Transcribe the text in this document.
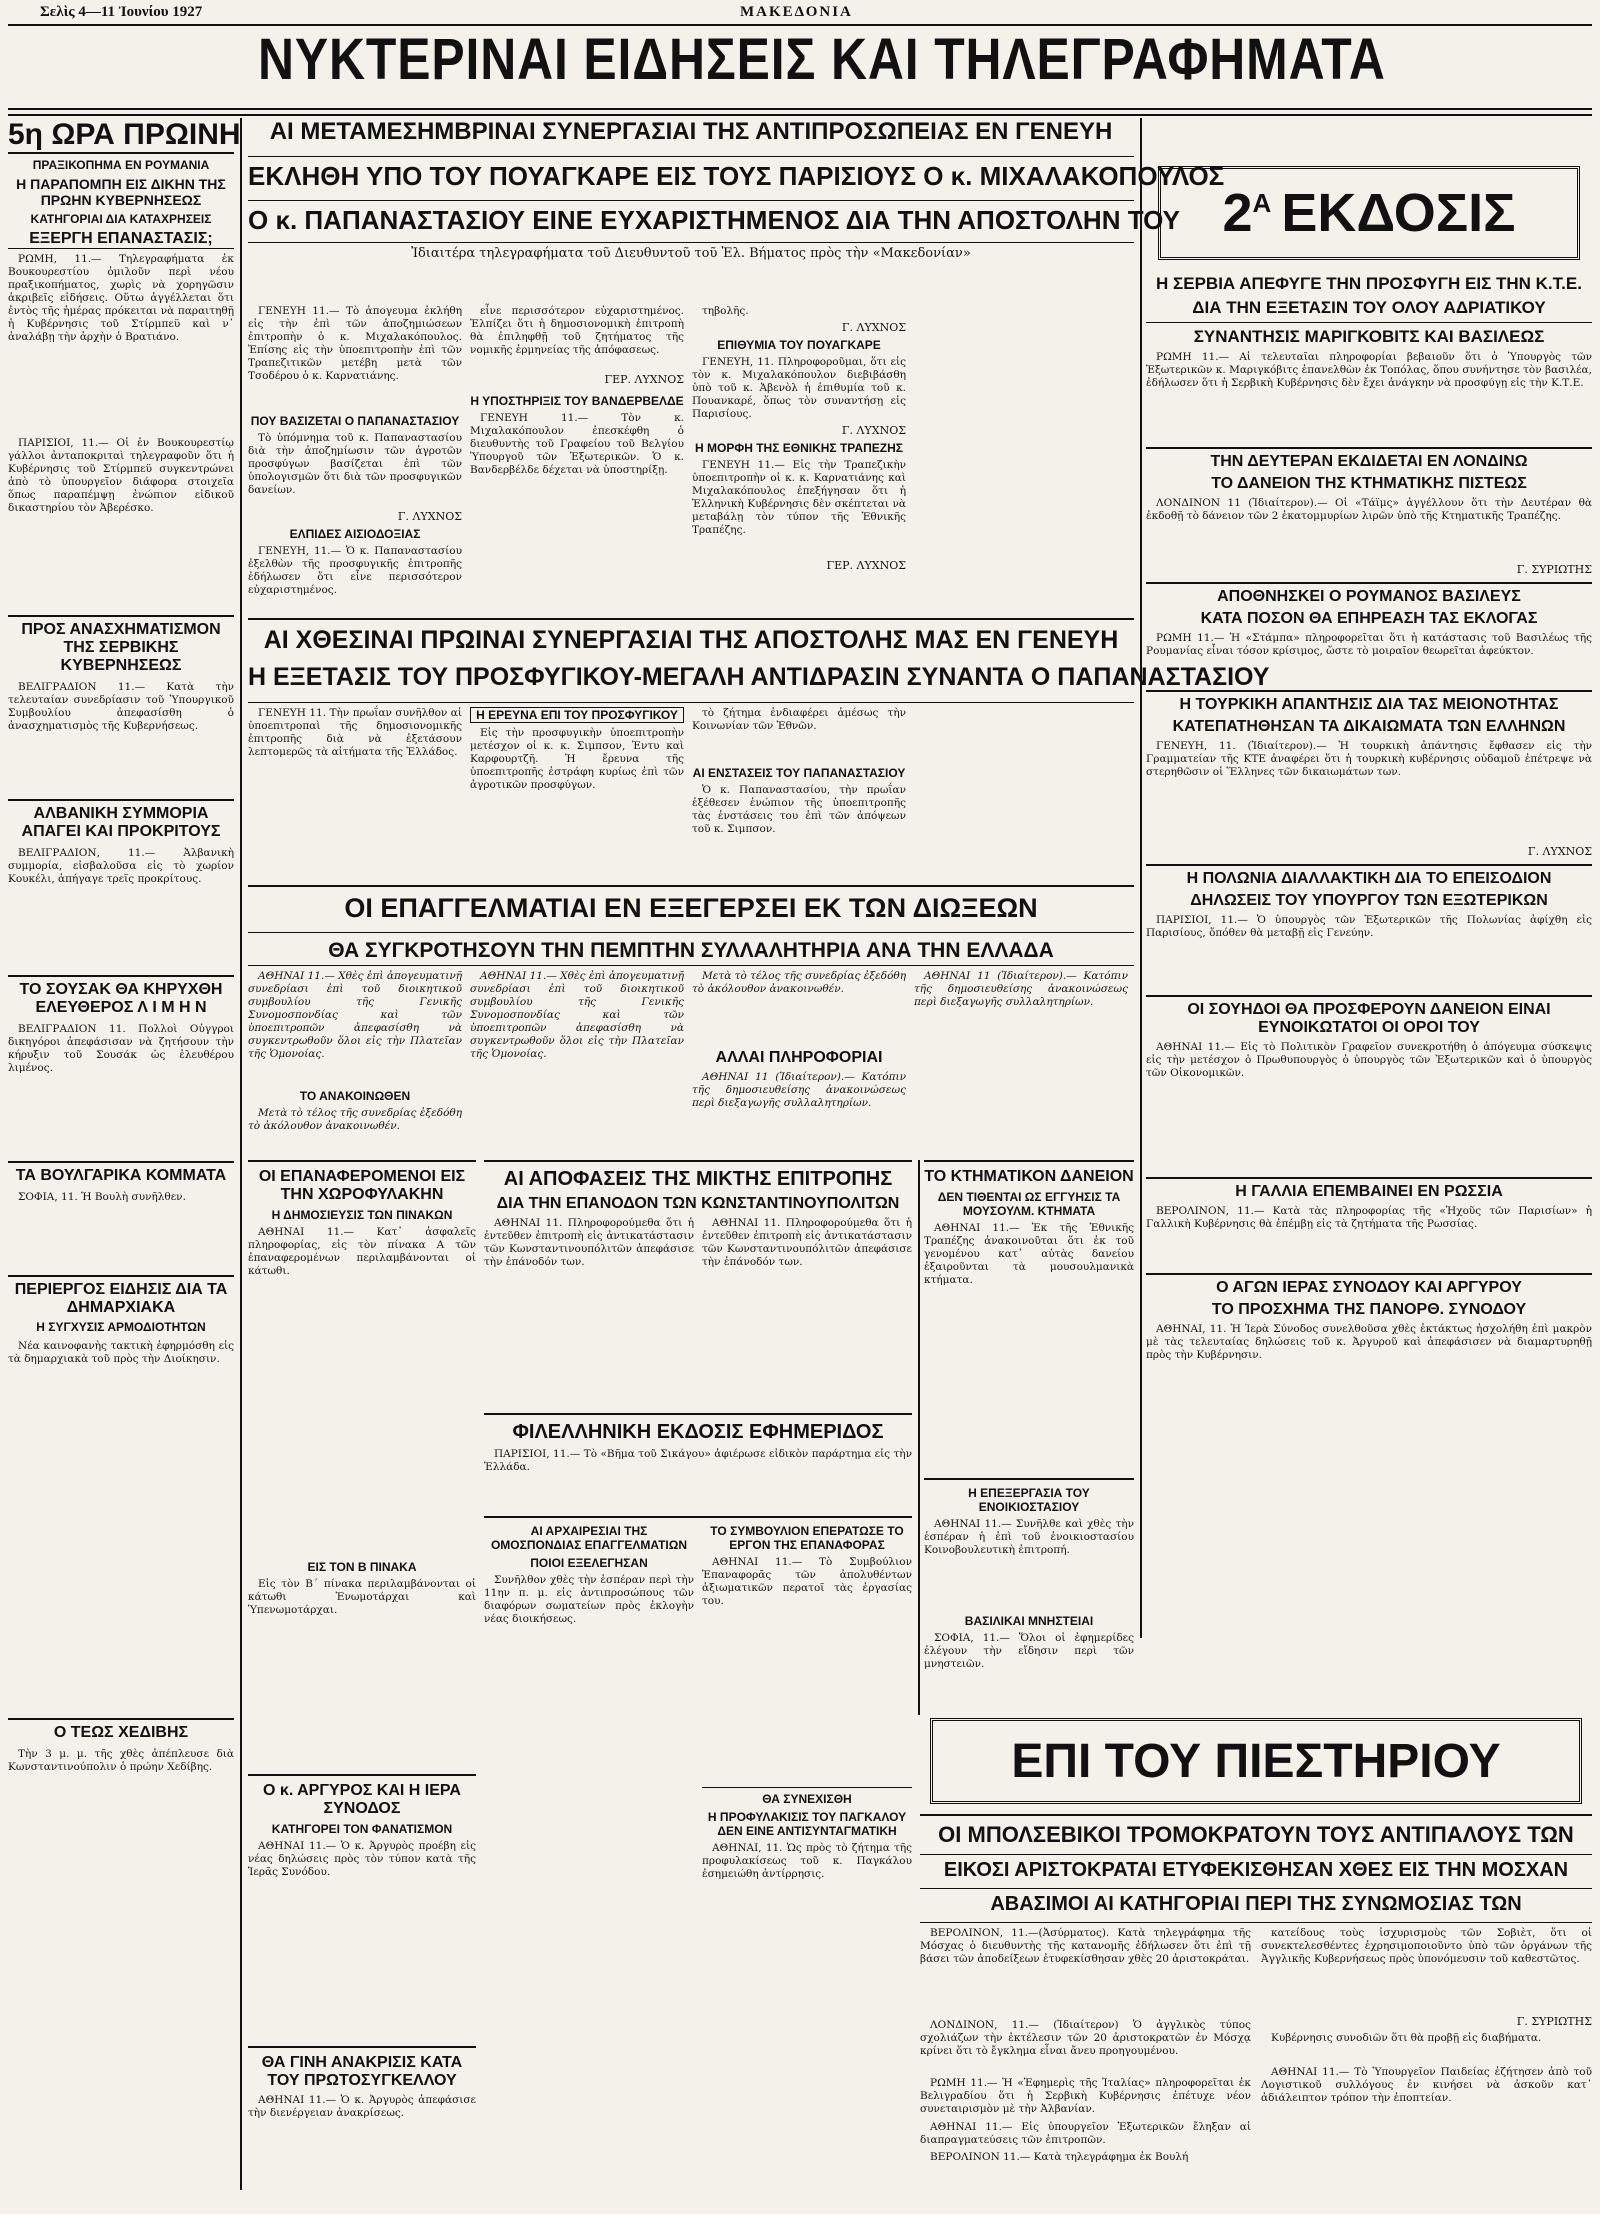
Σελὶς 4—11 Ἰουνίου 1927	ΜΑΚΕΔΟΝΙΑ
ΝΥΚΤΕΡΙΝΑΙ ΕΙΔΗΣΕΙΣ ΚΑΙ ΤΗΛΕΓΡΑΦΗΜΑΤΑ
5η ΩΡΑ ΠΡΩΙΝΗ
ΠΡΑΞΙΚΟΠΗΜΑ ΕΝ ΡΟΥΜΑΝΙΑ
Η ΠΑΡΑΠΟΜΠΗ ΕΙΣ ΔΙΚΗΝ ΤΗΣ ΠΡΩΗΝ ΚΥΒΕΡΝΗΣΕΩΣ
ΚΑΤΗΓΟΡΙΑΙ ΔΙΑ ΚΑΤΑΧΡΗΣΕΙΣ
ΕΞΕΡΓΗ ΕΠΑΝΑΣΤΑΣΙΣ;

ΡΩΜΗ, 11.— Τηλεγραφήματα ἐκ Βουκουρεστίου ὁμιλοῦν περὶ νέου πραξικοπήματος, χωρὶς νὰ χορηγῶσιν ἀκριβεῖς εἰδήσεις. Οὕτω ἀγγέλλεται ὅτι ἐντὸς τῆς ἡμέρας πρόκειται νὰ παραιτηθῇ ἡ Κυβέρνησις τοῦ Στίρμπεϋ καὶ ν᾽ ἀναλάβῃ τὴν ἀρχὴν ὁ Βρατιάνο.

ΠΑΡΙΣΙΟΙ, 11.— Οἱ ἐν Βουκουρεστίῳ γάλλοι ἀνταποκριταὶ τηλεγραφοῦν ὅτι ἡ Κυβέρνησις τοῦ Στίρμπεϋ συγκεντρώνει ἀπὸ τὸ ὑπουργεῖον διάφορα στοιχεῖα ὅπως παραπέμψῃ ἐνώπιον εἰδικοῦ δικαστηρίου τὸν Ἀβερέσκο.

ΠΡΟΣ ΑΝΑΣΧΗΜΑΤΙΣΜΟΝ ΤΗΣ ΣΕΡΒΙΚΗΣ ΚΥΒΕΡΝΗΣΕΩΣ

ΒΕΛΙΓΡΑΔΙΟΝ 11.— Κατὰ τὴν τελευταίαν συνεδρίασιν τοῦ Ὑπουργικοῦ Συμβουλίου ἀπεφασίσθη ὁ ἀνασχηματισμὸς τῆς Κυβερνήσεως.

ΑΛΒΑΝΙΚΗ ΣΥΜΜΟΡΙΑ ΑΠΑΓΕΙ ΚΑΙ ΠΡΟΚΡΙΤΟΥΣ

ΒΕΛΙΓΡΑΔΙΟΝ, 11.— Ἀλβανικὴ συμμορία, εἰσβαλοῦσα εἰς τὸ χωρίον Κουκέλι, ἀπήγαγε τρεῖς προκρίτους.

ΤΟ ΣΟΥΣΑΚ ΘΑ ΚΗΡΥΧΘΗ ΕΛΕΥΘΕΡΟΣ Λ Ι Μ Η Ν

ΒΕΛΙΓΡΑΔΙΟΝ 11. Πολλοὶ Οὐγγροι δικηγόροι ἀπεφάσισαν νὰ ζητήσουν τὴν κήρυξιν τοῦ Σουσάκ ὡς ἐλευθέρου λιμένος.

ΤΑ ΒΟΥΛΓΑΡΙΚΑ ΚΟΜΜΑΤΑ

ΣΟΦΙΑ, 11. Ἡ Βουλὴ συνῆλθεν.

ΠΕΡΙΕΡΓΟΣ ΕΙΔΗΣΙΣ ΔΙΑ ΤΑ ΔΗΜΑΡΧΙΑΚΑ
Η ΣΥΓΧΥΣΙΣ ΑΡΜΟΔΙΟΤΗΤΩΝ

Νέα καινοφανὴς τακτικὴ ἐφηρμόσθη εἰς τὰ δημαρχιακὰ τοῦ πρὸς τὴν Διοίκησιν.

Ο ΤΕΩΣ ΧΕΔΙΒΗΣ

Τὴν 3 μ. μ. τῆς χθὲς ἀπέπλευσε διὰ Κωνσταντινούπολιν ὁ πρώην Χεδίβης.

ΑΙ ΜΕΤΑΜΕΣΗΜΒΡΙΝΑΙ ΣΥΝΕΡΓΑΣΙΑΙ ΤΗΣ ΑΝΤΙΠΡΟΣΩΠΕΙΑΣ ΕΝ ΓΕΝΕΥΗ
ΕΚΛΗΘΗ ΥΠΟ ΤΟΥ ΠΟΥΑΓΚΑΡΕ ΕΙΣ ΤΟΥΣ ΠΑΡΙΣΙΟΥΣ Ο κ. ΜΙΧΑΛΑΚΟΠΟΥΛΟΣ
Ο κ. ΠΑΠΑΝΑΣΤΑΣΙΟΥ ΕΙΝΕ ΕΥΧΑΡΙΣΤΗΜΕΝΟΣ ΔΙΑ ΤΗΝ ΑΠΟΣΤΟΛΗΝ ΤΟΥ
Ἰδιαιτέρα τηλεγραφήματα τοῦ Διευθυντοῦ τοῦ Ἐλ. Βήματος πρὸς τὴν «Μακεδονίαν»

ΓΕΝΕΥΗ 11.— Τὸ ἀπογευμα ἐκλήθη εἰς τὴν ἐπὶ τῶν ἀποζημιώσεων ἐπιτροπὴν ὁ κ. Μιχαλακόπουλος. Ἐπίσης εἰς τὴν ὑποεπιτροπὴν ἐπὶ τῶν Τραπεζιτικῶν μετέβη μετὰ τῶν Τσοδέρου ὁ κ. Καρνατιάνης.

ΠΟΥ ΒΑΣΙΖΕΤΑΙ Ο ΠΑΠΑΝΑΣΤΑΣΙΟΥ

Τὸ ὑπόμνημα τοῦ κ. Παπαναστασίου διὰ τὴν ἀποζημίωσιν τῶν ἀγροτῶν προσφύγων βασίζεται ἐπὶ τῶν ὑπολογισμῶν ὅτι διὰ τῶν προσφυγικῶν δανείων.

Γ. ΛΥΧΝΟΣ
ΕΛΠΙΔΕΣ ΑΙΣΙΟΔΟΞΙΑΣ

ΓΕΝΕΥΗ, 11.— Ὁ κ. Παπαναστασίου ἐξελθὼν τῆς προσφυγικῆς ἐπιτροπῆς ἐδήλωσεν ὅτι εἶνε περισσότερον εὐχαριστημένος.

εἶνε περισσότερον εὐχαριστημένος. Ἐλπίζει ὅτι ἡ δημοσιονομικὴ ἐπιτροπὴ θὰ ἐπιληφθῇ τοῦ ζητήματος τῆς νομικῆς ἑρμηνείας τῆς ἀπόφασεως.

ΓΕΡ. ΛΥΧΝΟΣ
Η ΥΠΟΣΤΗΡΙΞΙΣ ΤΟΥ ΒΑΝΔΕΡΒΕΛΔΕ

ΓΕΝΕΥΗ 11.— Τὸν κ. Μιχαλακόπουλον ἐπεσκέφθη ὁ διευθυντὴς τοῦ Γραφείου τοῦ Βελγίου Ὑπουργοῦ τῶν Ἐξωτερικῶν. Ὁ κ. Βανδερβέλδε δέχεται νὰ ὑποστηρίξῃ.

τηβολῆς.

Γ. ΛΥΧΝΟΣ
ΕΠΙΘΥΜΙΑ ΤΟΥ ΠΟΥΑΓΚΑΡΕ

ΓΕΝΕΥΗ, 11. Πληροφοροῦμαι, ὅτι εἰς τὸν κ. Μιχαλακόπουλον διεβιβάσθη ὑπὸ τοῦ κ. Ἀβενὸλ ἡ ἐπιθυμία τοῦ κ. Πουανκαρέ, ὅπως τὸν συναντήσῃ εἰς Παρισίους.

Γ. ΛΥΧΝΟΣ
Η ΜΟΡΦΗ ΤΗΣ ΕΘΝΙΚΗΣ ΤΡΑΠΕΖΗΣ

ΓΕΝΕΥΗ 11.— Εἰς τὴν Τραπεζικὴν ὑποεπιτροπὴν οἱ κ. κ. Καρνατιάνης καὶ Μιχαλακόπουλος ἐπεξήγησαν ὅτι ἡ Ἑλληνικὴ Κυβέρνησις δὲν σκέπτεται νὰ μεταβάλῃ τὸν τύπον τῆς Ἐθνικῆς Τραπέζης.

ΓΕΡ. ΛΥΧΝΟΣ
ΑΙ ΧΘΕΣΙΝΑΙ ΠΡΩΙΝΑΙ ΣΥΝΕΡΓΑΣΙΑΙ ΤΗΣ ΑΠΟΣΤΟΛΗΣ ΜΑΣ ΕΝ ΓΕΝΕΥΗ
Η ΕΞΕΤΑΣΙΣ ΤΟΥ ΠΡΟΣΦΥΓΙΚΟΥ-ΜΕΓΑΛΗ ΑΝΤΙΔΡΑΣΙΝ ΣΥΝΑΝΤΑ Ο ΠΑΠΑΝΑΣΤΑΣΙΟΥ

ΓΕΝΕΥΗ 11. Τὴν πρωΐαν συνῆλθον αἱ ὑποεπιτροπαὶ τῆς δημοσιονομικῆς ἐπιτροπῆς διὰ νὰ ἐξετάσουν λεπτομερῶς τὰ αἰτήματα τῆς Ἑλλάδος.

Η ΕΡΕΥΝΑ ΕΠΙ ΤΟΥ ΠΡΟΣΦΥΓΙΚΟΥ

Εἰς τὴν προσφυγικὴν ὑποεπιτροπὴν μετέσχον οἱ κ. κ. Σιμπσον, Ἐντυ καὶ Καρφουρτζῆ. Ἡ ἔρευνα τῆς ὑποεπιτροπῆς ἐστράφη κυρίως ἐπὶ τῶν ἀγροτικῶν προσφύγων.

τὸ ζήτημα ἐνδιαφέρει ἀμέσως τὴν Κοινωνίαν τῶν Ἐθνῶν.

ΑΙ ΕΝΣΤΑΣΕΙΣ ΤΟΥ ΠΑΠΑΝΑΣΤΑΣΙΟΥ

Ὁ κ. Παπαναστασίου, τὴν πρωΐαν ἐξέθεσεν ἐνώπιον τῆς ὑποεπιτροπῆς τὰς ἐνστάσεις του ἐπὶ τῶν ἀπόψεων τοῦ κ. Σιμπσον.

ΟΙ ΕΠΑΓΓΕΛΜΑΤΙΑΙ ΕΝ ΕΞΕΓΕΡΣΕΙ ΕΚ ΤΩΝ ΔΙΩΞΕΩΝ
ΘΑ ΣΥΓΚΡΟΤΗΣΟΥΝ ΤΗΝ ΠΕΜΠΤΗΝ ΣΥΛΛΑΛΗΤΗΡΙΑ ΑΝΑ ΤΗΝ ΕΛΛΑΔΑ

ΑΘΗΝΑΙ 11.— Χθὲς ἐπὶ ἀπογευματινῇ συνεδρίασι ἐπὶ τοῦ διοικητικοῦ συμβουλίου τῆς Γενικῆς Συνομοσπονδίας καὶ τῶν ὑποεπιτροπῶν ἀπεφασίσθη νὰ συγκεντρωθοῦν ὅλοι εἰς τὴν Πλατεῖαν τῆς Ὁμονοίας.

ΤΟ ΑΝΑΚΟΙΝΩΘΕΝ

Μετὰ τὸ τέλος τῆς συνεδρίας ἐξεδόθη τὸ ἀκόλουθον ἀνακοινωθέν.

ΑΘΗΝΑΙ 11.— Χθὲς ἐπὶ ἀπογευματινῇ συνεδρίασι ἐπὶ τοῦ διοικητικοῦ συμβουλίου τῆς Γενικῆς Συνομοσπονδίας καὶ τῶν ὑποεπιτροπῶν ἀπεφασίσθη νὰ συγκεντρωθοῦν ὅλοι εἰς τὴν Πλατεῖαν τῆς Ὁμονοίας.

Μετὰ τὸ τέλος τῆς συνεδρίας ἐξεδόθη τὸ ἀκόλουθον ἀνακοινωθέν.

ΑΛΛΑΙ ΠΛΗΡΟΦΟΡΙΑΙ

ΑΘΗΝΑΙ 11 (Ἰδιαίτερον).— Κατόπιν τῆς δημοσιευθείσης ἀνακοινώσεως περὶ διεξαγωγῆς συλλαλητηρίων.

ΑΘΗΝΑΙ 11 (Ἰδιαίτερον).— Κατόπιν τῆς δημοσιευθείσης ἀνακοινώσεως περὶ διεξαγωγῆς συλλαλητηρίων.

ΟΙ ΕΠΑΝΑΦΕΡΟΜΕΝΟΙ ΕΙΣ ΤΗΝ ΧΩΡΟΦΥΛΑΚΗΝ
Η ΔΗΜΟΣΙΕΥΣΙΣ ΤΩΝ ΠΙΝΑΚΩΝ

ΑΘΗΝΑΙ 11.— Κατ᾽ ἀσφαλεῖς πληροφορίας, εἰς τὸν πίνακα Α τῶν ἐπαναφερομένων περιλαμβάνονται οἱ κάτωθι.

ΕΙΣ ΤΟΝ Β ΠΙΝΑΚΑ

Εἰς τὸν Β΄ πίνακα περιλαμβάνονται οἱ κάτωθι Ἐνωμοτάρχαι καὶ Ὑπενωμοτάρχαι.

Ο κ. ΑΡΓΥΡΟΣ ΚΑΙ Η ΙΕΡΑ ΣΥΝΟΔΟΣ
ΚΑΤΗΓΟΡΕΙ ΤΟΝ ΦΑΝΑΤΙΣΜΟΝ

ΑΘΗΝΑΙ 11.— Ὁ κ. Ἀργυρὸς προέβη εἰς νέας δηλώσεις πρὸς τὸν τύπον κατὰ τῆς Ἱερᾶς Συνόδου.

ΘΑ ΓΙΝΗ ΑΝΑΚΡΙΣΙΣ ΚΑΤΑ ΤΟΥ ΠΡΩΤΟΣΥΓΚΕΛΛΟΥ

ΑΘΗΝΑΙ 11.— Ὁ κ. Ἀργυρὸς ἀπεφάσισε τὴν διενέργειαν ἀνακρίσεως.

ΑΙ ΑΠΟΦΑΣΕΙΣ ΤΗΣ ΜΙΚΤΗΣ ΕΠΙΤΡΟΠΗΣ
ΔΙΑ ΤΗΝ ΕΠΑΝΟΔΟΝ ΤΩΝ ΚΩΝΣΤΑΝΤΙΝΟΥΠΟΛΙΤΩΝ

ΑΘΗΝΑΙ 11. Πληροφορούμεθα ὅτι ἡ ἐντεῦθεν ἐπιτροπὴ εἰς ἀντικατάστασιν τῶν Κωνσταντινουπόλιτῶν ἀπεφάσισε τὴν ἐπάνοδόν των.

ΑΘΗΝΑΙ 11. Πληροφορούμεθα ὅτι ἡ ἐντεῦθεν ἐπιτροπὴ εἰς ἀντικατάστασιν τῶν Κωνσταντινουπόλιτῶν ἀπεφάσισε τὴν ἐπάνοδόν των.

ΦΙΛΕΛΛΗΝΙΚΗ ΕΚΔΟΣΙΣ ΕΦΗΜΕΡΙΔΟΣ

ΠΑΡΙΣΙΟΙ, 11.— Τὸ «Βῆμα τοῦ Σικάγου» ἀφιέρωσε εἰδικὸν παράρτημα εἰς τὴν Ἑλλάδα.

ΑΙ ΑΡΧΑΙΡΕΣΙΑΙ ΤΗΣ ΟΜΟΣΠΟΝΔΙΑΣ ΕΠΑΓΓΕΛΜΑΤΙΩΝ
ΠΟΙΟΙ ΕΞΕΛΕΓΗΣΑΝ

Συνῆλθον χθὲς τὴν ἑσπέραν περὶ τὴν 11ην π. μ. εἰς ἀντιπροσώπους τῶν διαφόρων σωματείων πρὸς ἐκλογὴν νέας διοικήσεως.

ΤΟ ΣΥΜΒΟΥΛΙΟΝ ΕΠΕΡΑΤΩΣΕ ΤΟ ΕΡΓΟΝ ΤΗΣ ΕΠΑΝΑΦΟΡΑΣ

ΑΘΗΝΑΙ 11.— Τὸ Συμβούλιον Ἐπαναφορᾶς τῶν ἀπολυθέντων ἀξιωματικῶν περατοῖ τὰς ἐργασίας του.

ΘΑ ΣΥΝΕΧΙΣΘΗ
Η ΠΡΟΦΥΛΑΚΙΣΙΣ ΤΟΥ ΠΑΓΚΑΛΟΥ ΔΕΝ ΕΙΝΕ ΑΝΤΙΣΥΝΤΑΓΜΑΤΙΚΗ

ΑΘΗΝΑΙ, 11. Ὡς πρὸς τὸ ζήτημα τῆς προφυλακίσεως τοῦ κ. Παγκάλου ἐσημειώθη ἀντίρρησις.

ΤΟ ΚΤΗΜΑΤΙΚΟΝ ΔΑΝΕΙΟΝ
ΔΕΝ ΤΙΘΕΝΤΑΙ ΩΣ ΕΓΓΥΗΣΙΣ ΤΑ ΜΟΥΣΟΥΛΜ. ΚΤΗΜΑΤΑ

ΑΘΗΝΑΙ 11.— Ἐκ τῆς Ἐθνικῆς Τραπέζης ἀνακοινοῦται ὅτι ἐκ τοῦ γενομένου κατ᾽ αὐτὰς δανείου ἐξαιροῦνται τὰ μουσουλμανικὰ κτήματα.

Η ΕΠΕΞΕΡΓΑΣΙΑ ΤΟΥ ΕΝΟΙΚΙΟΣΤΑΣΙΟΥ

ΑΘΗΝΑΙ 11.— Συνῆλθε καὶ χθὲς τὴν ἑσπέραν ἡ ἐπὶ τοῦ ἐνοικιοστασίου Κοινοβουλευτικὴ ἐπιτροπή.

ΒΑΣΙΛΙΚΑΙ ΜΝΗΣΤΕΙΑΙ

ΣΟΦΙΑ, 11.— Ὅλοι οἱ ἐφημερίδες ἐλέγουν τὴν εἴδησιν περὶ τῶν μνηστειῶν.

$2^A$ ΕΚΔΟΣΙΣ
Η ΣΕΡΒΙΑ ΑΠΕΦΥΓΕ ΤΗΝ ΠΡΟΣΦΥΓΗ ΕΙΣ ΤΗΝ Κ.Τ.Ε.
ΔΙΑ ΤΗΝ ΕΞΕΤΑΣΙΝ ΤΟΥ ΟΛΟΥ ΑΔΡΙΑΤΙΚΟΥ
ΣΥΝΑΝΤΗΣΙΣ ΜΑΡΙΓΚΟΒΙΤΣ ΚΑΙ ΒΑΣΙΛΕΩΣ

ΡΩΜΗ 11.— Αἱ τελευταῖαι πληροφορίαι βεβαιοῦν ὅτι ὁ Ὑπουργὸς τῶν Ἐξωτερικῶν κ. Μαριγκόβιτς ἐπανελθὼν ἐκ Τοπόλας, ὅπου συνήντησε τὸν βασιλέα, ἐδήλωσεν ὅτι ἡ Σερβικὴ Κυβέρνησις δὲν ἔχει ἀνάγκην νὰ προσφύγῃ εἰς τὴν Κ.Τ.Ε.

ΤΗΝ ΔΕΥΤΕΡΑΝ ΕΚΔΙΔΕΤΑΙ ΕΝ ΛΟΝΔΙΝΩ
ΤΟ ΔΑΝΕΙΟΝ ΤΗΣ ΚΤΗΜΑΤΙΚΗΣ ΠΙΣΤΕΩΣ

ΛΟΝΔΙΝΟΝ 11 (Ἰδιαίτερον).— Οἱ «Τάϊμς» ἀγγέλλουν ὅτι τὴν Δευτέραν θὰ ἐκδοθῇ τὸ δάνειον τῶν 2 ἑκατομμυρίων λιρῶν ὑπὸ τῆς Κτηματικῆς Τραπέζης.

Γ. ΣΥΡΙΩΤΗΣ
ΑΠΟΘΝΗΣΚΕΙ Ο ΡΟΥΜΑΝΟΣ ΒΑΣΙΛΕΥΣ
ΚΑΤΑ ΠΟΣΟΝ ΘΑ ΕΠΗΡΕΑΣΗ ΤΑΣ ΕΚΛΟΓΑΣ

ΡΩΜΗ 11.— Ἡ «Στάμπα» πληροφορεῖται ὅτι ἡ κατάστασις τοῦ Βασιλέως τῆς Ρουμανίας εἶναι τόσον κρίσιμος, ὥστε τὸ μοιραῖον θεωρεῖται ἀφεύκτον.

Η ΤΟΥΡΚΙΚΗ ΑΠΑΝΤΗΣΙΣ ΔΙΑ ΤΑΣ ΜΕΙΟΝΟΤΗΤΑΣ
ΚΑΤΕΠΑΤΗΘΗΣΑΝ ΤΑ ΔΙΚΑΙΩΜΑΤΑ ΤΩΝ ΕΛΛΗΝΩΝ

ΓΕΝΕΥΗ, 11. (Ἰδιαίτερον).— Ἡ τουρκικὴ ἀπάντησις ἔφθασεν εἰς τὴν Γραμματείαν τῆς ΚΤΕ ἀναφέρει ὅτι ἡ τουρκικὴ κυβέρνησις οὐδαμοῦ ἐπέτρεψε νὰ στερηθῶσιν οἱ Ἕλληνες τῶν δικαιωμάτων των.

Γ. ΛΥΧΝΟΣ
Η ΠΟΛΩΝΙΑ ΔΙΑΛΛΑΚΤΙΚΗ ΔΙΑ ΤΟ ΕΠΕΙΣΟΔΙΟΝ
ΔΗΛΩΣΕΙΣ ΤΟΥ ΥΠΟΥΡΓΟΥ ΤΩΝ ΕΞΩΤΕΡΙΚΩΝ

ΠΑΡΙΣΙΟΙ, 11.— Ὁ ὑπουργὸς τῶν Ἐξωτερικῶν τῆς Πολωνίας ἀφίχθη εἰς Παρισίους, ὅπόθεν θὰ μεταβῇ εἰς Γενεύην.

ΟΙ ΣΟΥΗΔΟΙ ΘΑ ΠΡΟΣΦΕΡΟΥΝ ΔΑΝΕΙΟΝ ΕΙΝΑΙ ΕΥΝΟΙΚΩΤΑΤΟΙ ΟΙ ΟΡΟΙ ΤΟΥ

ΑΘΗΝΑΙ 11.— Εἰς τὸ Πολιτικὸν Γραφεῖον συνεκροτήθη ὁ ἀπόγευμα σύσκεψις εἰς τὴν μετέσχον ὁ Πρωθυπουργὸς ὁ ὑπουργὸς τῶν Ἐξωτερικῶν καὶ ὁ ὑπουργὸς τῶν Οἰκονομικῶν.

Η ΓΑΛΛΙΑ ΕΠΕΜΒΑΙΝΕΙ ΕΝ ΡΩΣΣΙΑ

ΒΕΡΟΛΙΝΟΝ, 11.— Κατὰ τὰς πληροφορίας τῆς «Ἠχοῦς τῶν Παρισίων» ἡ Γαλλικὴ Κυβέρνησις θὰ ἐπέμβῃ εἰς τὰ ζητήματα τῆς Ρωσσίας.

Ο ΑΓΩΝ ΙΕΡΑΣ ΣΥΝΟΔΟΥ ΚΑΙ ΑΡΓΥΡΟΥ
ΤΟ ΠΡΟΣΧΗΜΑ ΤΗΣ ΠΑΝΟΡΘ. ΣΥΝΟΔΟΥ

ΑΘΗΝΑΙ, 11. Ἡ Ἱερὰ Σύνοδος συνελθοῦσα χθὲς ἐκτάκτως ἠσχολήθη ἐπὶ μακρὸν μὲ τὰς τελευταίας δηλώσεις τοῦ κ. Ἀργυροῦ καὶ ἀπεφάσισεν νὰ διαμαρτυρηθῇ πρὸς τὴν Κυβέρνησιν.

ΕΠΙ ΤΟΥ ΠΙΕΣΤΗΡΙΟΥ
ΟΙ ΜΠΟΛΣΕΒΙΚΟΙ ΤΡΟΜΟΚΡΑΤΟΥΝ ΤΟΥΣ ΑΝΤΙΠΑΛΟΥΣ ΤΩΝ
ΕΙΚΟΣΙ ΑΡΙΣΤΟΚΡΑΤΑΙ ΕΤΥΦΕΚΙΣΘΗΣΑΝ ΧΘΕΣ ΕΙΣ ΤΗΝ ΜΟΣΧΑΝ
ΑΒΑΣΙΜΟΙ ΑΙ ΚΑΤΗΓΟΡΙΑΙ ΠΕΡΙ ΤΗΣ ΣΥΝΩΜΟΣΙΑΣ ΤΩΝ

ΒΕΡΟΛΙΝΟΝ, 11.—(Ἀσύρματος). Κατὰ τηλεγράφημα τῆς Μόσχας ὁ διευθυντὴς τῆς κατανομῆς ἐδήλωσεν ὅτι ἐπὶ τῇ βάσει τῶν ἀποδείξεων ἐτυφεκίσθησαν χθὲς 20 ἀριστοκράται.

ΛΟΝΔΙΝΟΝ, 11.— (Ἰδιαίτερον) Ὁ ἀγγλικὸς τύπος σχολιάζων τὴν ἐκτέλεσιν τῶν 20 ἀριστοκρατῶν ἐν Μόσχᾳ κρίνει ὅτι τὸ ἔγκλημα εἶναι ἄνευ προηγουμένου.

ΡΩΜΗ 11.— Ἡ «Ἐφημερὶς τῆς Ἰταλίας» πληροφορεῖται ἐκ Βελιγραδίου ὅτι ἡ Σερβικὴ Κυβέρνησις ἐπέτυχε νέον συνεταιρισμὸν μὲ τὴν Ἀλβανίαν.

ΑΘΗΝΑΙ 11.— Εἰς ὑπουργεῖον Ἐξωτερικῶν ἔληξαν αἱ διαπραγματεύσεις τῶν ἐπιτροπῶν.

ΒΕΡΟΛΙΝΟΝ 11.— Κατὰ τηλεγράφημα ἐκ Βουλή

κατείδους τοὺς ἰσχυρισμοὺς τῶν Σοβιὲτ, ὅτι οἱ συνεκτελεσθέντες ἐχρησιμοποιοῦντο ὑπὸ τῶν ὀργάνων τῆς Ἀγγλικῆς Κυβερνήσεως πρὸς ὑπονόμευσιν τοῦ καθεστῶτος.

Γ. ΣΥΡΙΩΤΗΣ

Κυβέρνησις συνοδιῶν ὅτι θὰ προβῇ εἰς διαβήματα.

ΑΘΗΝΑΙ 11.— Τὸ Ὑπουργεῖον Παιδείας ἐζήτησεν ἀπὸ τοῦ Λογιστικοῦ συλλόγους ἐν κινήσει νὰ ἀσκοῦν κατ᾽ ἀδιάλειπτον τρόπον τὴν ἐποπτείαν.
